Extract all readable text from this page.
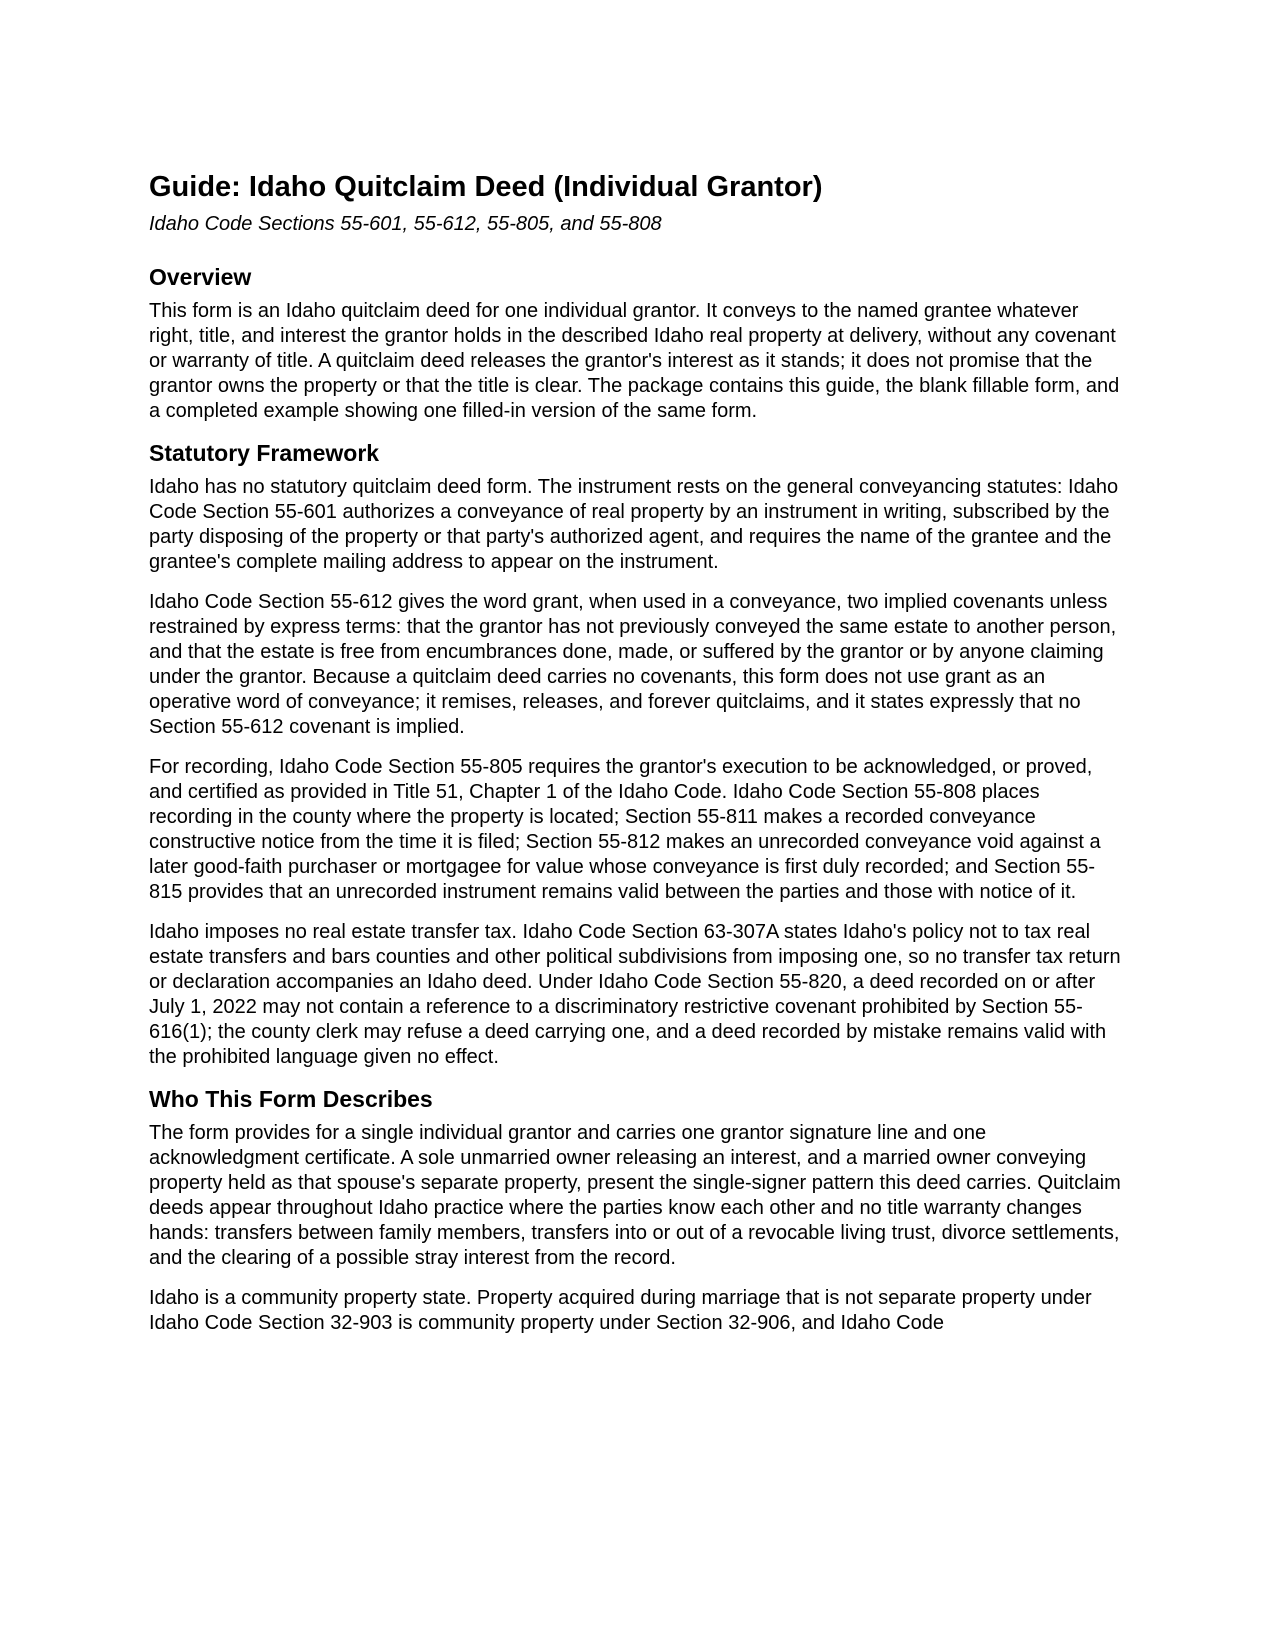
Guide: Idaho Quitclaim Deed (Individual Grantor)
Idaho Code Sections 55-601, 55-612, 55-805, and 55-808
Overview

This form is an Idaho quitclaim deed for one individual grantor. It conveys to the named grantee whatever right, title, and interest the grantor holds in the described Idaho real property at delivery, without any covenant or warranty of title. A quitclaim deed releases the grantor's interest as it stands; it does not promise that the grantor owns the property or that the title is clear. The package contains this guide, the blank fillable form, and a completed example showing one filled-in version of the same form.

Statutory Framework

Idaho has no statutory quitclaim deed form. The instrument rests on the general conveyancing statutes: Idaho Code Section 55-601 authorizes a conveyance of real property by an instrument in writing, subscribed by the party disposing of the property or that party's authorized agent, and requires the name of the grantee and the grantee's complete mailing address to appear on the instrument.

Idaho Code Section 55-612 gives the word grant, when used in a conveyance, two implied covenants unless restrained by express terms: that the grantor has not previously conveyed the same estate to another person, and that the estate is free from encumbrances done, made, or suffered by the grantor or by anyone claiming under the grantor. Because a quitclaim deed carries no covenants, this form does not use grant as an operative word of conveyance; it remises, releases, and forever quitclaims, and it states expressly that no Section 55-612 covenant is implied.

For recording, Idaho Code Section 55-805 requires the grantor's execution to be acknowledged, or proved, and certified as provided in Title 51, Chapter 1 of the Idaho Code. Idaho Code Section 55-808 places recording in the county where the property is located; Section 55-811 makes a recorded conveyance constructive notice from the time it is filed; Section 55-812 makes an unrecorded conveyance void against a later good-faith purchaser or mortgagee for value whose conveyance is first duly recorded; and Section 55-815 provides that an unrecorded instrument remains valid between the parties and those with notice of it.

Idaho imposes no real estate transfer tax. Idaho Code Section 63-307A states Idaho's policy not to tax real estate transfers and bars counties and other political subdivisions from imposing one, so no transfer tax return or declaration accompanies an Idaho deed. Under Idaho Code Section 55-820, a deed recorded on or after July 1, 2022 may not contain a reference to a discriminatory restrictive covenant prohibited by Section 55-616(1); the county clerk may refuse a deed carrying one, and a deed recorded by mistake remains valid with the prohibited language given no effect.

Who This Form Describes

The form provides for a single individual grantor and carries one grantor signature line and one acknowledgment certificate. A sole unmarried owner releasing an interest, and a married owner conveying property held as that spouse's separate property, present the single-signer pattern this deed carries. Quitclaim deeds appear throughout Idaho practice where the parties know each other and no title warranty changes hands: transfers between family members, transfers into or out of a revocable living trust, divorce settlements, and the clearing of a possible stray interest from the record.

Idaho is a community property state. Property acquired during marriage that is not separate property under Idaho Code Section 32-903 is community property under Section 32-906, and Idaho Code
